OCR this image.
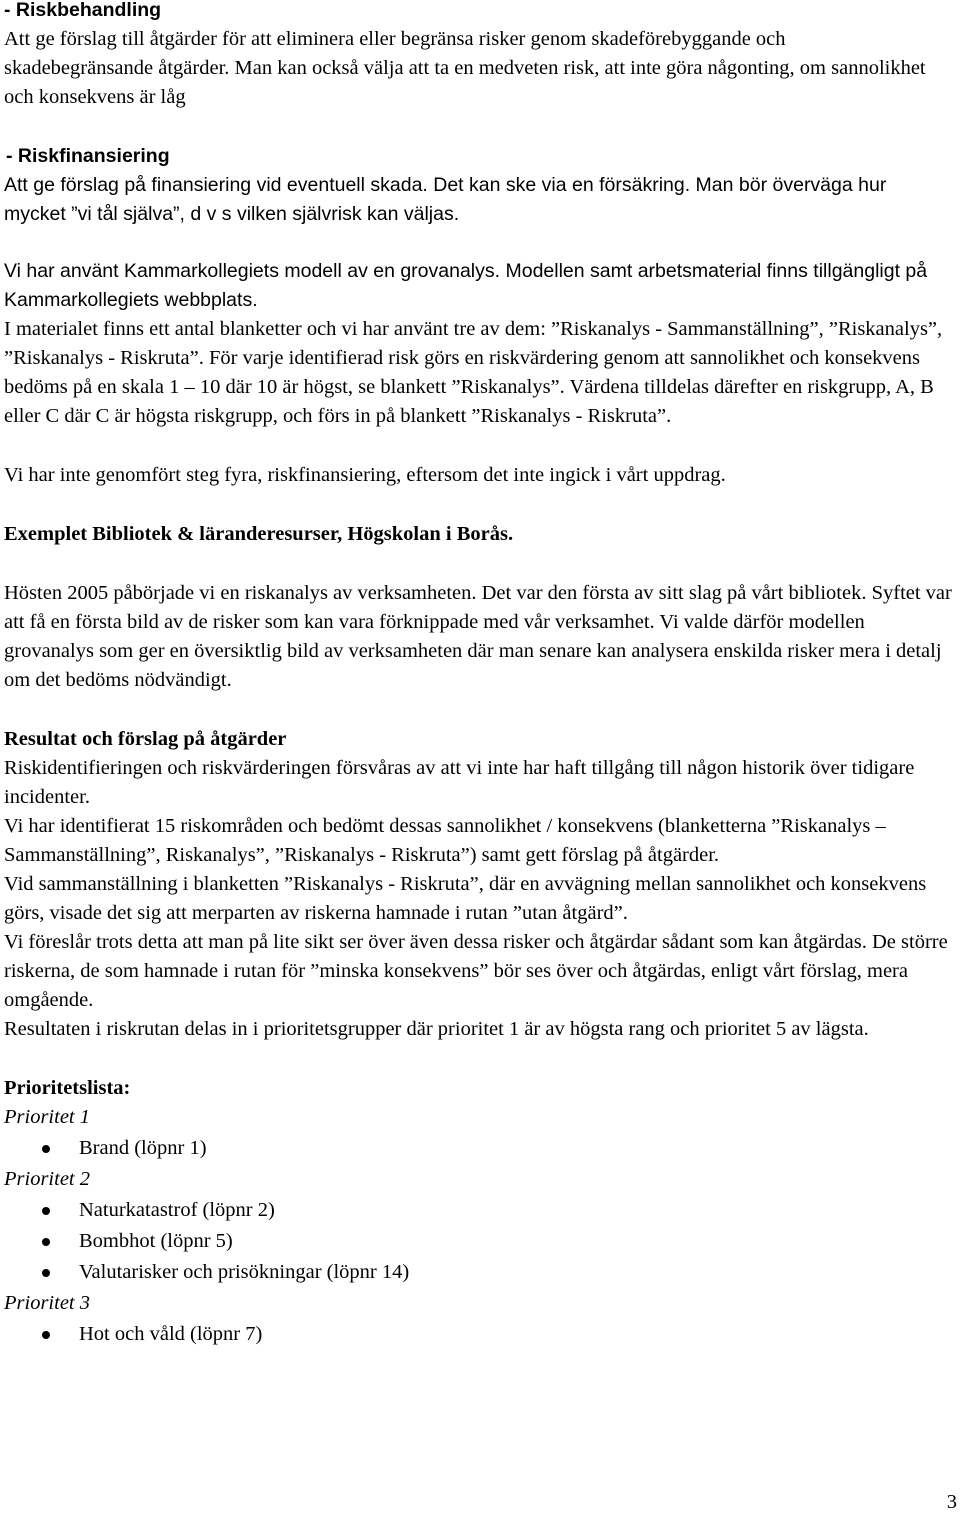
- Riskbehandling

Att ge förslag till åtgärder för att eliminera eller begränsa risker genom skadeförebyggande och skadebegränsande åtgärder. Man kan också välja att ta en medveten risk, att inte göra någonting, om sannolikhet och konsekvens är låg

- Riskfinansiering

Att ge förslag på finansiering vid eventuell skada. Det kan ske via en försäkring. Man bör överväga hur mycket ”vi tål själva”, d v s vilken självrisk kan väljas.

Vi har använt Kammarkollegiets modell av en grovanalys. Modellen samt arbetsmaterial finns tillgängligt på Kammarkollegiets webbplats.

I materialet finns ett antal blanketter och vi har använt tre av dem: ”Riskanalys - Sammanställning”, ”Riskanalys”, ”Riskanalys - Riskruta”. För varje identifierad risk görs en riskvärdering genom att sannolikhet och konsekvens bedöms på en skala 1 – 10 där 10 är högst, se blankett ”Riskanalys”. Värdena tilldelas därefter en riskgrupp, A, B eller C där C är högsta riskgrupp, och förs in på blankett ”Riskanalys - Riskruta”.

Vi har inte genomfört steg fyra, riskfinansiering, eftersom det inte ingick i vårt uppdrag.

Exemplet Bibliotek & läranderesurser, Högskolan i Borås.

Hösten 2005 påbörjade vi en riskanalys av verksamheten. Det var den första av sitt slag på vårt bibliotek. Syftet var att få en första bild av de risker som kan vara förknippade med vår verksamhet. Vi valde därför modellen grovanalys som ger en översiktlig bild av verksamheten där man senare kan analysera enskilda risker mera i detalj om det bedöms nödvändigt.

Resultat och förslag på åtgärder

Riskidentifieringen och riskvärderingen försvåras av att vi inte har haft tillgång till någon historik över tidigare incidenter.

Vi har identifierat 15 riskområden och bedömt dessas sannolikhet / konsekvens (blanketterna ”Riskanalys – Sammanställning”, Riskanalys”, ”Riskanalys - Riskruta”) samt gett förslag på åtgärder.

Vid sammanställning i blanketten ”Riskanalys - Riskruta”, där en avvägning mellan sannolikhet och konsekvens görs, visade det sig att merparten av riskerna hamnade i rutan ”utan åtgärd”.

Vi föreslår trots detta att man på lite sikt ser över även dessa risker och åtgärdar sådant som kan åtgärdas. De större riskerna, de som hamnade i rutan för ”minska konsekvens” bör ses över och åtgärdas, enligt vårt förslag, mera omgående.

Resultaten i riskrutan delas in i prioritetsgrupper där prioritet 1 är av högsta rang och prioritet 5 av lägsta.

Prioritetslista:

Prioritet 1

Brand (löpnr 1)

Prioritet 2

Naturkatastrof (löpnr 2)
Bombhot (löpnr 5)
Valutarisker och prisökningar (löpnr 14)

Prioritet 3

Hot och våld (löpnr 7)
3
